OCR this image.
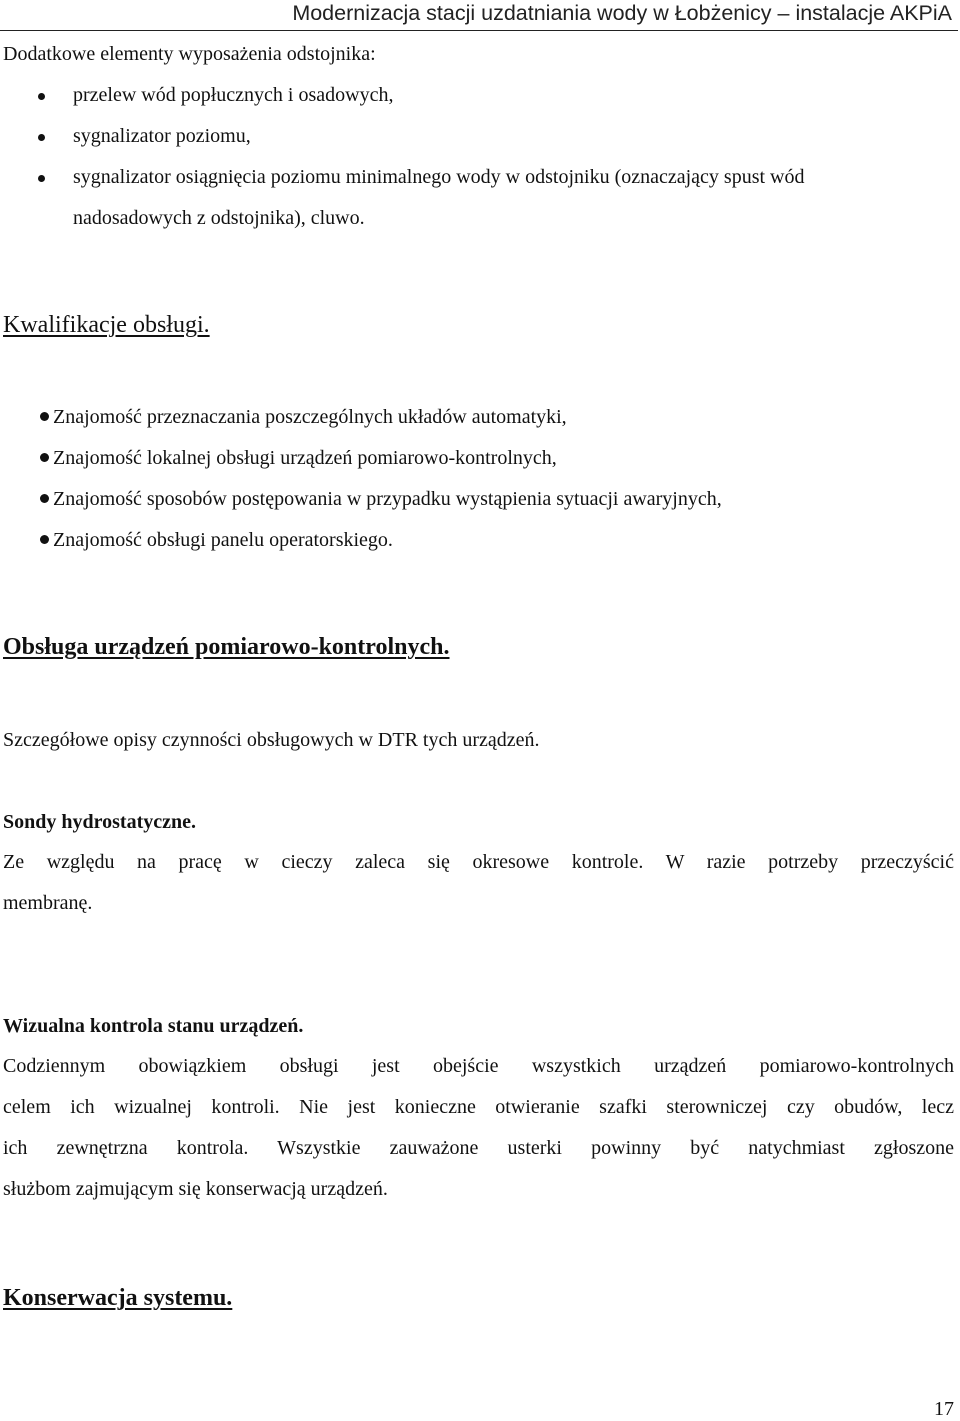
Modernizacja stacji uzdatniania wody w Łobżenicy – instalacje AKPiA
Dodatkowe elementy wyposażenia odstojnika:
przelew wód popłucznych i osadowych,
sygnalizator poziomu,
sygnalizator osiągnięcia poziomu minimalnego wody w odstojniku (oznaczający spust wód
nadosadowych z odstojnika), cluwo.
Kwalifikacje obsługi.
Znajomość przeznaczania poszczególnych układów automatyki,
Znajomość lokalnej obsługi urządzeń pomiarowo-kontrolnych,
Znajomość sposobów postępowania w przypadku wystąpienia sytuacji awaryjnych,
Znajomość obsługi panelu operatorskiego.
Obsługa urządzeń pomiarowo-kontrolnych.
Szczegółowe opisy czynności obsługowych w DTR tych urządzeń.
Sondy hydrostatyczne.
Ze względu na pracę w cieczy zaleca się okresowe kontrole. W razie potrzeby przeczyścić
membranę.
Wizualna kontrola stanu urządzeń.
Codziennym obowiązkiem obsługi jest obejście wszystkich urządzeń pomiarowo-kontrolnych
celem ich wizualnej kontroli. Nie jest konieczne otwieranie szafki sterowniczej czy obudów, lecz
ich zewnętrzna kontrola. Wszystkie zauważone usterki powinny być natychmiast zgłoszone
służbom zajmującym się konserwacją urządzeń.
Konserwacja systemu.
17
